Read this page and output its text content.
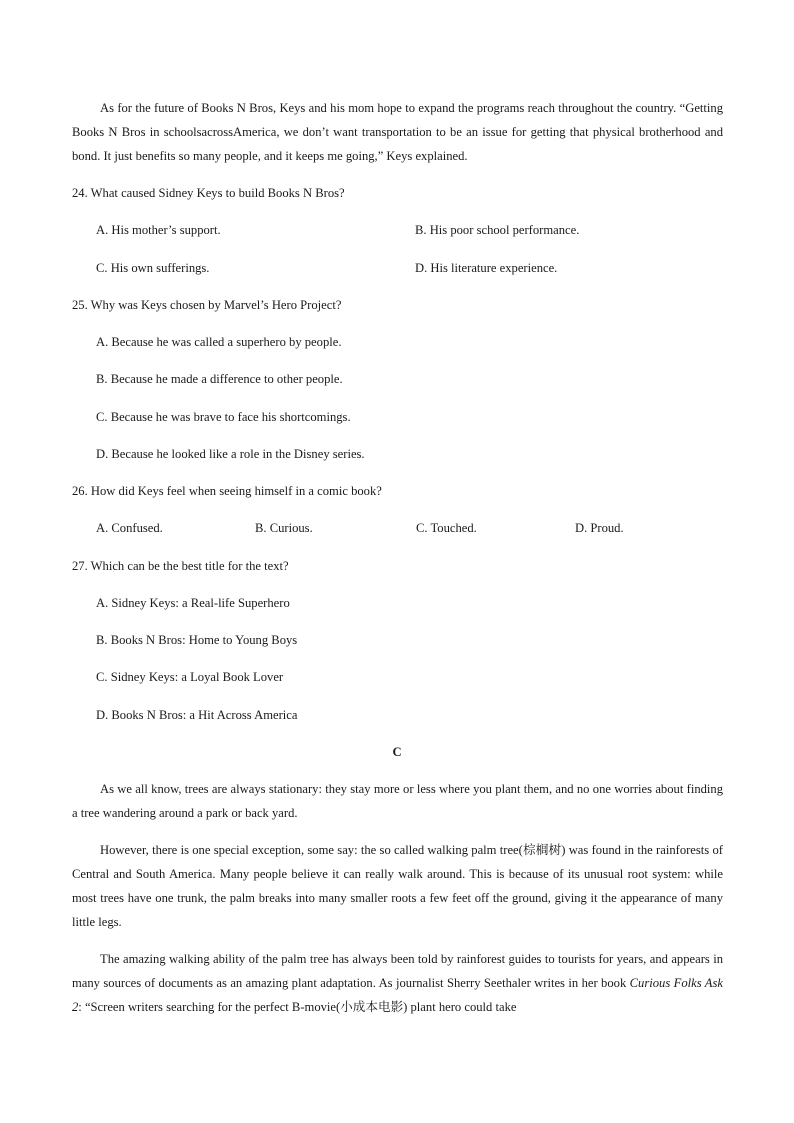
As for the future of Books N Bros, Keys and his mom hope to expand the programs reach throughout the country. “Getting Books N Bros in schoolsacrossAmerica, we don’t want transportation to be an issue for getting that physical brotherhood and bond. It just benefits so many people, and it keeps me going,” Keys explained.

24. What caused Sidney Keys to build Books N Bros?
A. His mother’s support.	B. His poor school performance.
C. His own sufferings.	D. His literature experience.
25. Why was Keys chosen by Marvel’s Hero Project?
A. Because he was called a superhero by people.
B. Because he made a difference to other people.
C. Because he was brave to face his shortcomings.
D. Because he looked like a role in the Disney series.
26. How did Keys feel when seeing himself in a comic book?
A. Confused.	B. Curious.	C. Touched.	D. Proud.
27. Which can be the best title for the text?
A. Sidney Keys: a Real-life Superhero
B. Books N Bros: Home to Young Boys
C. Sidney Keys: a Loyal Book Lover
D. Books N Bros: a Hit Across America
C

As we all know, trees are always stationary: they stay more or less where you plant them, and no one worries about finding a tree wandering around a park or back yard.

However, there is one special exception, some say: the so called walking palm tree(棕榈树) was found in the rainforests of Central and South America. Many people believe it can really walk around. This is because of its unusual root system: while most trees have one trunk, the palm breaks into many smaller roots a few feet off the ground, giving it the appearance of many little legs.

The amazing walking ability of the palm tree has always been told by rainforest guides to tourists for years, and appears in many sources of documents as an amazing plant adaptation. As journalist Sherry Seethaler writes in her book Curious Folks Ask 2: “Screen writers searching for the perfect B-movie(小成本电影) plant hero could take
